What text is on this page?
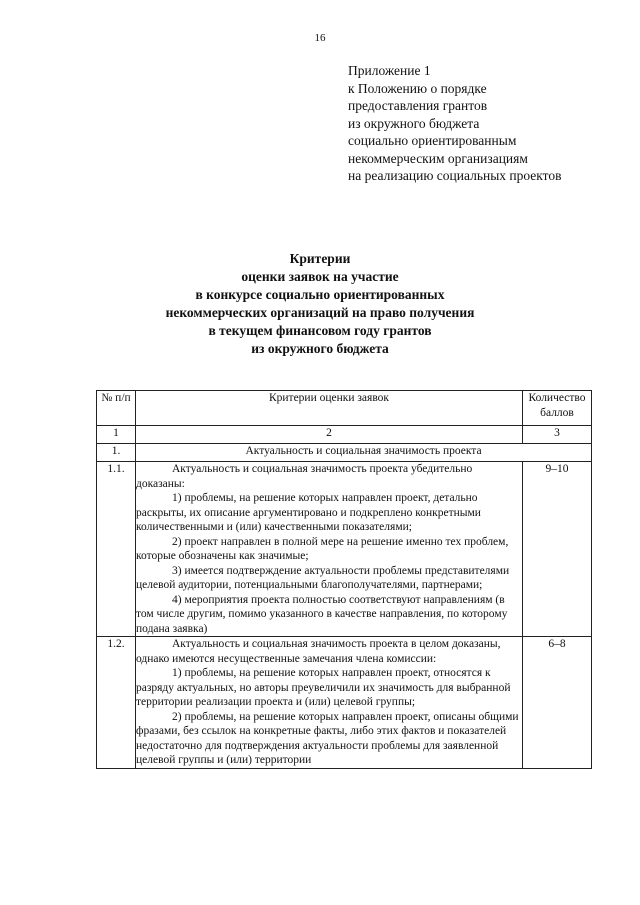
16
Приложение 1
к Положению о порядке
предоставления грантов
из окружного бюджета
социально ориентированным
некоммерческим организациям
на реализацию социальных проектов
Критерии
оценки заявок на участие
в конкурсе социально ориентированных
некоммерческих организаций на право получения
в текущем финансовом году грантов
из окружного бюджета
№ п/п	Критерии оценки заявок	Количество баллов
1	2	3
1.	Актуальность и социальная значимость проекта	
1.1.	Актуальность и социальная значимость проекта убедительно доказаны:

1) проблемы, на решение которых направлен проект, детально раскрыты, их описание аргументировано и подкреплено конкретными количественными и (или) качественными показателями;

2) проект направлен в полной мере на решение именно тех проблем, которые обозначены как значимые;

3) имеется подтверждение актуальности проблемы представителями целевой аудитории, потенциальными благополучателями, партнерами;

4) мероприятия проекта полностью соответствуют направлениям (в том числе другим, помимо указанного в качестве направления, по которому подана заявка)	9–10
1.2.	Актуальность и социальная значимость проекта в целом доказаны, однако имеются несущественные замечания члена комиссии:

1) проблемы, на решение которых направлен проект, относятся к разряду актуальных, но авторы преувеличили их значимость для выбранной территории реализации проекта и (или) целевой группы;

2) проблемы, на решение которых направлен проект, описаны общими фразами, без ссылок на конкретные факты, либо этих фактов и показателей недостаточно для подтверждения актуальности проблемы для заявленной целевой группы и (или) территории	6–8
